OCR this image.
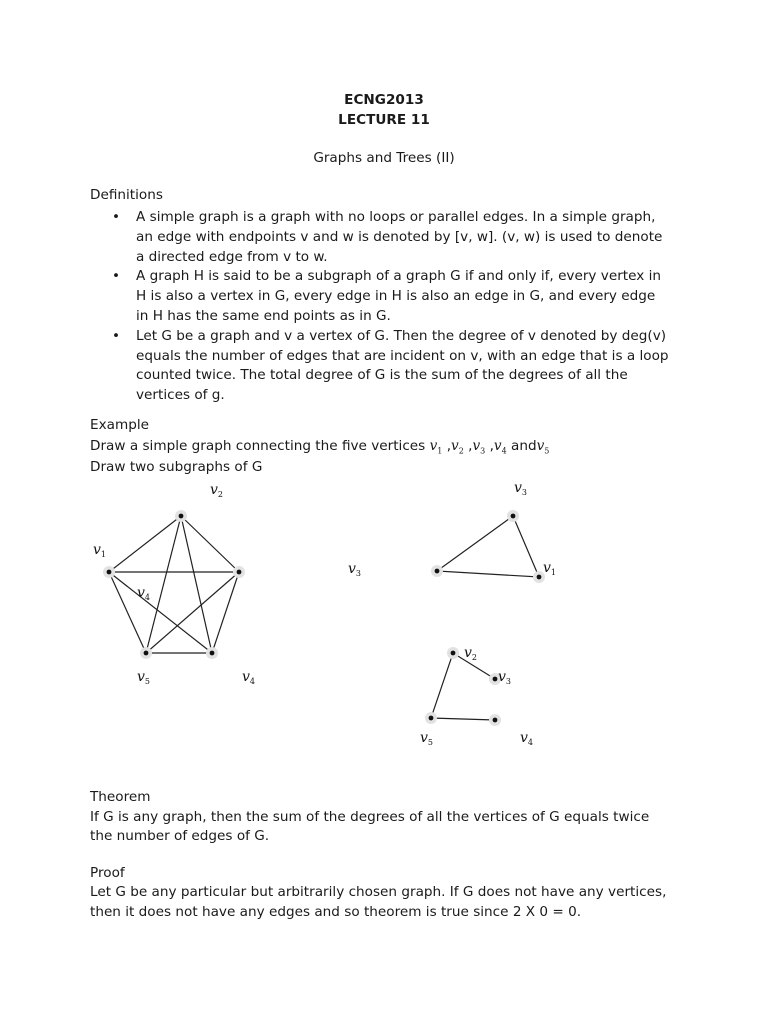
ECNG2013
LECTURE 11
Graphs and Trees (II)
Definitions
• A simple graph is a graph with no loops or parallel edges. In a simple graph,
an edge with endpoints v and w is denoted by [v, w]. (v, w) is used to denote
a directed edge from v to w.
• A graph H is said to be a subgraph of a graph G if and only if, every vertex in
H is also a vertex in G, every edge in H is also an edge in G, and every edge
in H has the same end points as in G.
• Let G be a graph and v a vertex of G. Then the degree of v denoted by deg(v)
equals the number of edges that are incident on v, with an edge that is a loop
counted twice. The total degree of G is the sum of the degrees of all the
vertices of g.
Example
Draw a simple graph connecting the five vertices $v_1$ $,v_2$ $,v_3$ $,v_4$ andv$_5$
Draw two subgraphs of G
$v_1$
$v_2$
$v_4$
$v_5$	$v_4$
$v_3$
$v_3$
$v_1$
$v_2$
$v_3$
$v_5$	$v_4$
Theorem
If G is any graph, then the sum of the degrees of all the vertices of G equals twice
the number of edges of G.
Proof
Let G be any particular but arbitrarily chosen graph. If G does not have any vertices,
then it does not have any edges and so theorem is true since 2 X 0 = 0.
